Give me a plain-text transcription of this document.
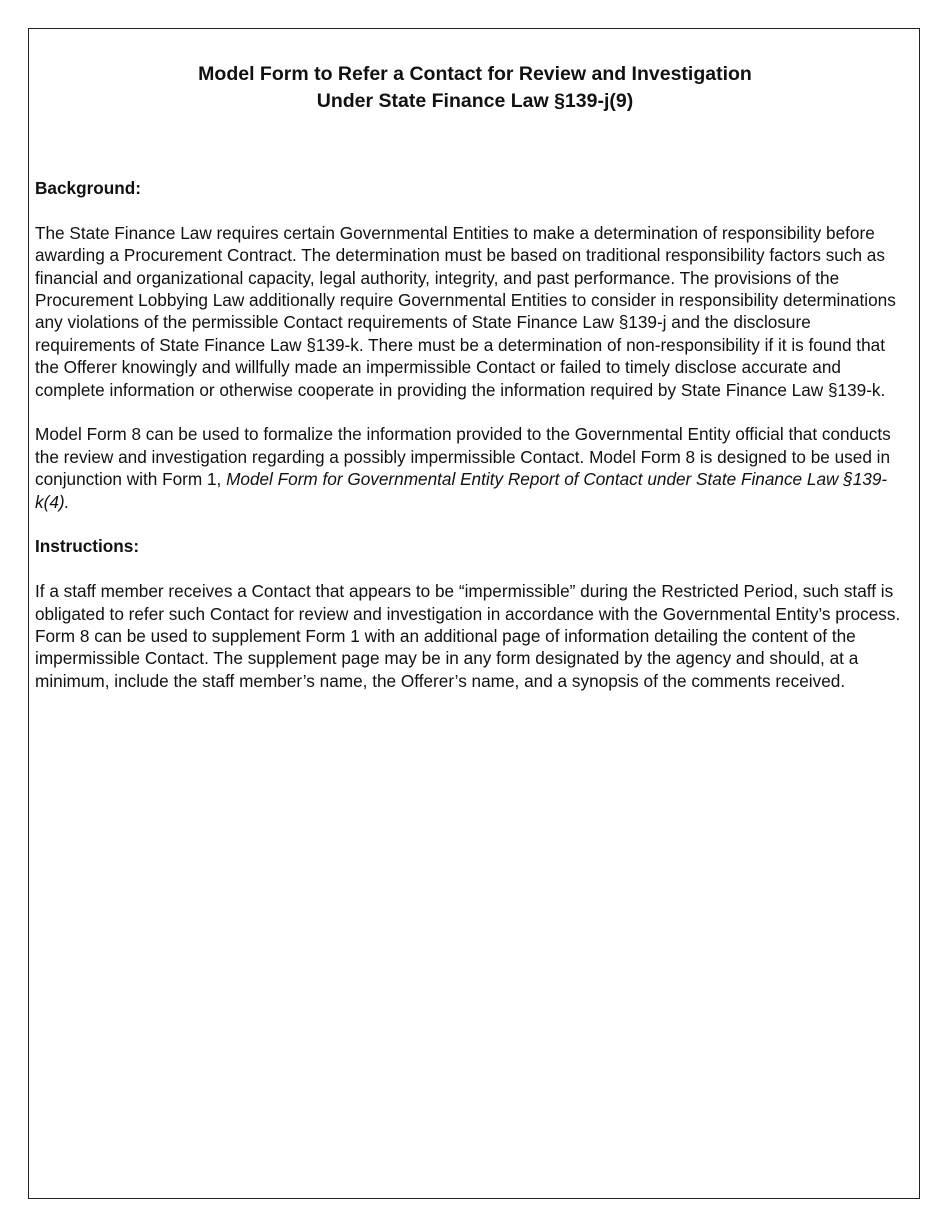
Model Form to Refer a Contact for Review and Investigation
Under State Finance Law §139-j(9)
Background:

The State Finance Law requires certain Governmental Entities to make a determination of responsibility before awarding a Procurement Contract. The determination must be based on traditional responsibility factors such as financial and organizational capacity, legal authority, integrity, and past performance. The provisions of the Procurement Lobbying Law additionally require Governmental Entities to consider in responsibility determinations any violations of the permissible Contact requirements of State Finance Law §139-j and the disclosure requirements of State Finance Law §139-k. There must be a determination of non-responsibility if it is found that the Offerer knowingly and willfully made an impermissible Contact or failed to timely disclose accurate and complete information or otherwise cooperate in providing the information required by State Finance Law §139-k.

Model Form 8 can be used to formalize the information provided to the Governmental Entity official that conducts the review and investigation regarding a possibly impermissible Contact. Model Form 8 is designed to be used in conjunction with Form 1, Model Form for Governmental Entity Report of Contact under State Finance Law §139-k(4).

Instructions:

If a staff member receives a Contact that appears to be “impermissible” during the Restricted Period, such staff is obligated to refer such Contact for review and investigation in accordance with the Governmental Entity’s process. Form 8 can be used to supplement Form 1 with an additional page of information detailing the content of the impermissible Contact. The supplement page may be in any form designated by the agency and should, at a minimum, include the staff member’s name, the Offerer’s name, and a synopsis of the comments received.
